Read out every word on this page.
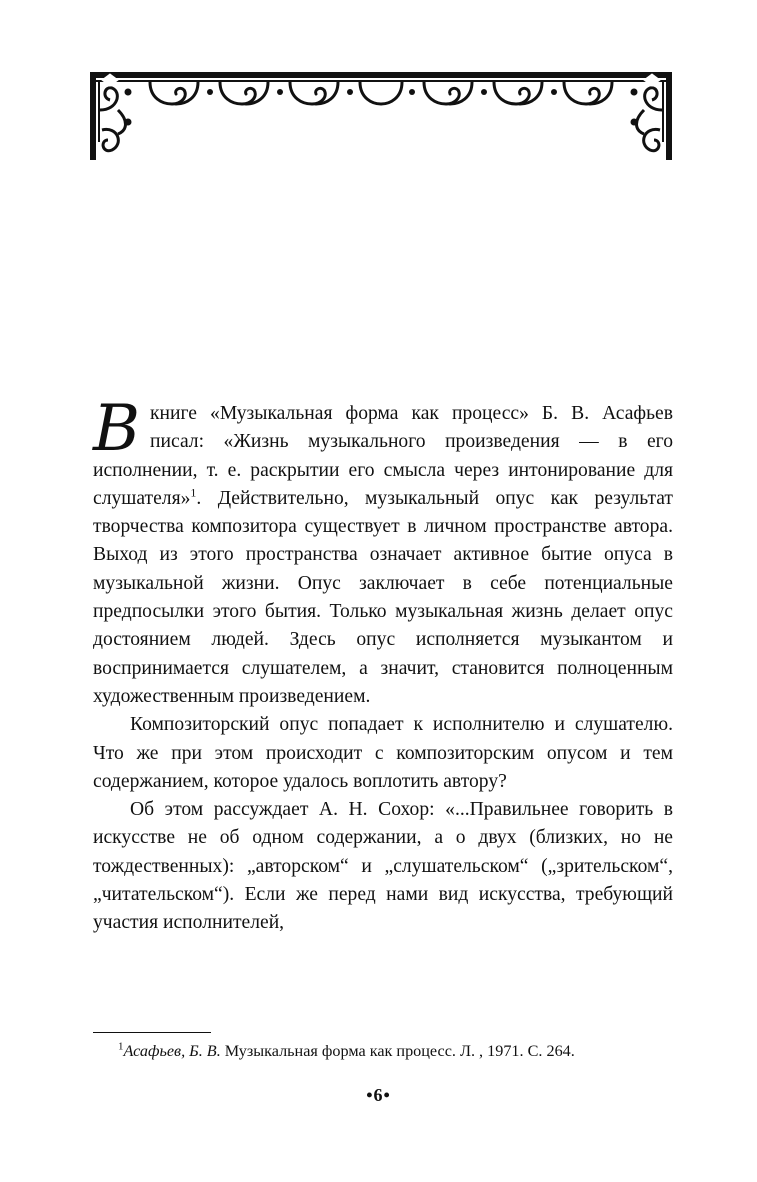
В книге «Музыкальная форма как процесс» Б. В. Асафьев писал: «Жизнь музыкального произведения — в его исполнении, т. е. раскрытии его смысла через интонирование для слушателя»$^1$. Действительно, музыкальный опус как результат творчества композитора существует в личном пространстве автора. Выход из этого пространства означает активное бытие опуса в музыкальной жизни. Опус заключает в себе потенциальные предпосылки этого бытия. Только музыкальная жизнь делает опус достоянием людей. Здесь опус исполняется музыкантом и воспринимается слушателем, а значит, становится полноценным художественным произведением.

Композиторский опус попадает к исполнителю и слушателю. Что же при этом происходит с композиторским опусом и тем содержанием, которое удалось воплотить автору?

Об этом рассуждает А. Н. Сохор: «...Правильнее говорить в искусстве не об одном содержании, а о двух (близких, но не тождественных): „авторском“ и „слушательском“ („зрительском“, „читательском“). Если же перед нами вид искусства, требующий участия исполнителей,

$^1$Асафьев, Б. В. Музыкальная форма как процесс. Л. , 1971. С. 264.
•6•
